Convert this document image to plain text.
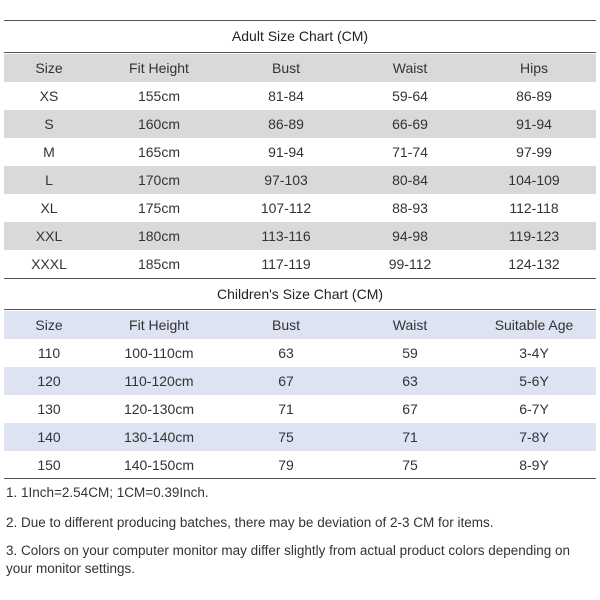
Adult Size Chart (CM)
Size	Fit Height	Bust	Waist	Hips
XS	155cm	81-84	59-64	86-89
S	160cm	86-89	66-69	91-94
M	165cm	91-94	71-74	97-99
L	170cm	97-103	80-84	104-109
XL	175cm	107-112	88-93	112-118
XXL	180cm	113-116	94-98	119-123
XXXL	185cm	117-119	99-112	124-132
Children's Size Chart (CM)
Size	Fit Height	Bust	Waist	Suitable Age
110	100-110cm	63	59	3-4Y
120	110-120cm	67	63	5-6Y
130	120-130cm	71	67	6-7Y
140	130-140cm	75	71	7-8Y
150	140-150cm	79	75	8-9Y
1. 1Inch=2.54CM; 1CM=0.39Inch.
2. Due to different producing batches, there may be deviation of 2-3 CM for items.
3. Colors on your computer monitor may differ slightly from actual product colors depending on your monitor settings.
